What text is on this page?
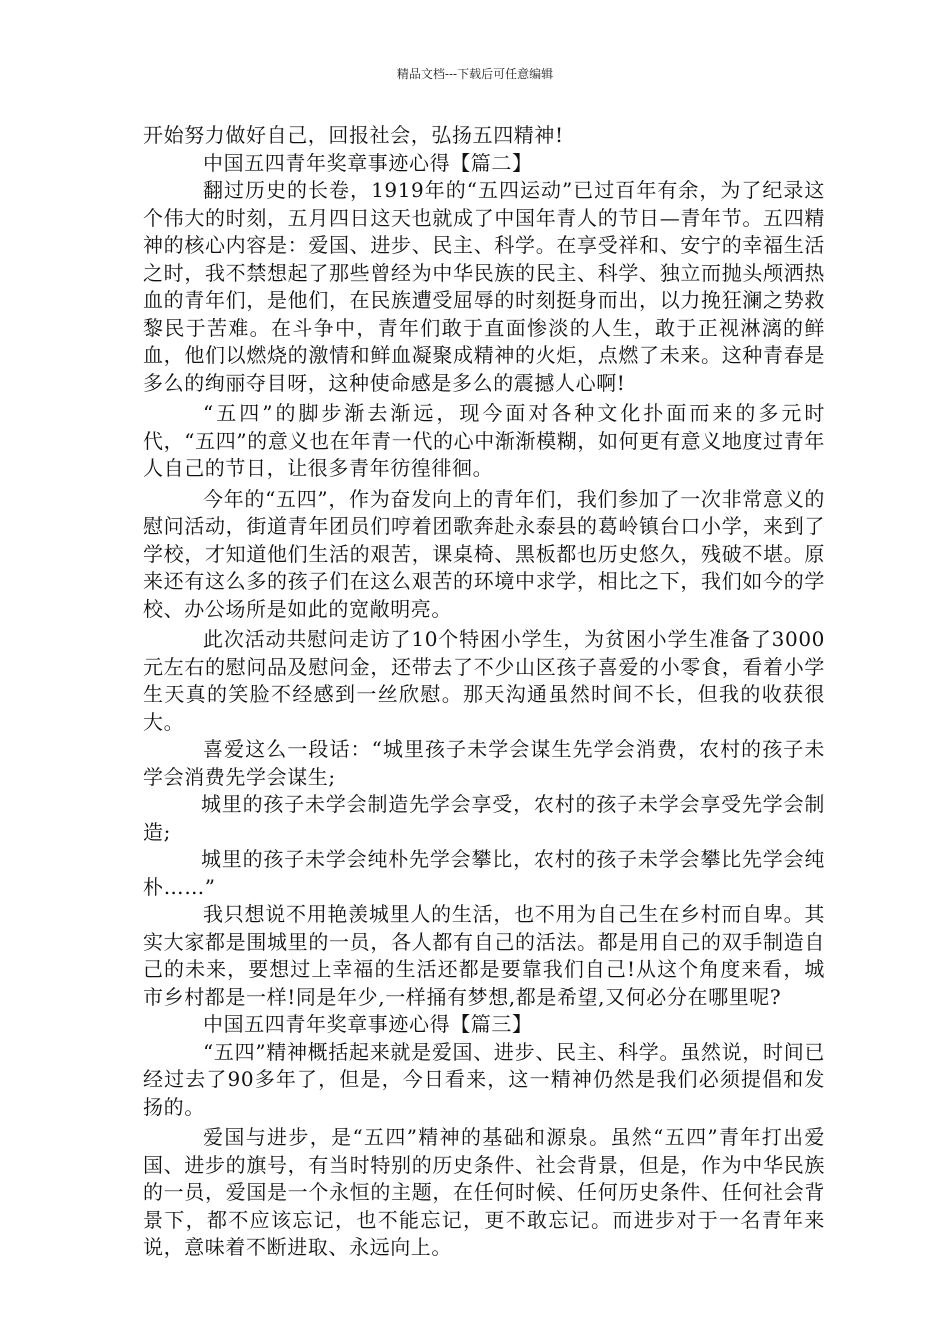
精品文档---下载后可任意编辑

开始努力做好自己，回报社会，弘扬五四精神!

中国五四青年奖章事迹心得【篇二】

翻过历史的长卷，1919年的“五四运动”已过百年有余，为了纪录这个伟大的时刻，五月四日这天也就成了中国年青人的节日—青年节。五四精神的核心内容是：爱国、进步、民主、科学。在享受祥和、安宁的幸福生活之时，我不禁想起了那些曾经为中华民族的民主、科学、独立而抛头颅洒热血的青年们，是他们，在民族遭受屈辱的时刻挺身而出，以力挽狂澜之势救黎民于苦难。在斗争中，青年们敢于直面惨淡的人生，敢于正视淋漓的鲜血，他们以燃烧的激情和鲜血凝聚成精神的火炬，点燃了未来。这种青春是多么的绚丽夺目呀，这种使命感是多么的震撼人心啊!

“五四”的脚步渐去渐远，现今面对各种文化扑面而来的多元时代，“五四”的意义也在年青一代的心中渐渐模糊，如何更有意义地度过青年人自己的节日，让很多青年彷徨徘徊。

今年的“五四”，作为奋发向上的青年们，我们参加了一次非常意义的慰问活动，街道青年团员们哼着团歌奔赴永泰县的葛岭镇台口小学，来到了学校，才知道他们生活的艰苦，课桌椅、黑板都也历史悠久，残破不堪。原来还有这么多的孩子们在这么艰苦的环境中求学，相比之下，我们如今的学校、办公场所是如此的宽敞明亮。

此次活动共慰问走访了10个特困小学生，为贫困小学生准备了3000元左右的慰问品及慰问金，还带去了不少山区孩子喜爱的小零食，看着小学生天真的笑脸不经感到一丝欣慰。那天沟通虽然时间不长，但我的收获很大。

喜爱这么一段话：“城里孩子未学会谋生先学会消费，农村的孩子未学会消费先学会谋生;

城里的孩子未学会制造先学会享受，农村的孩子未学会享受先学会制造;

城里的孩子未学会纯朴先学会攀比，农村的孩子未学会攀比先学会纯朴……”

我只想说不用艳羡城里人的生活，也不用为自己生在乡村而自卑。其实大家都是围城里的一员，各人都有自己的活法。都是用自己的双手制造自己的未来，要想过上幸福的生活还都是要靠我们自己!从这个角度来看，城市乡村都是一样!同是年少,一样捅有梦想,都是希望,又何必分在哪里呢?

中国五四青年奖章事迹心得【篇三】

“五四”精神概括起来就是爱国、进步、民主、科学。虽然说，时间已经过去了90多年了，但是，今日看来，这一精神仍然是我们必须提倡和发扬的。

爱国与进步，是“五四”精神的基础和源泉。虽然“五四”青年打出爱国、进步的旗号，有当时特别的历史条件、社会背景，但是，作为中华民族的一员，爱国是一个永恒的主题，在任何时候、任何历史条件、任何社会背景下，都不应该忘记，也不能忘记，更不敢忘记。而进步对于一名青年来说，意味着不断进取、永远向上。
